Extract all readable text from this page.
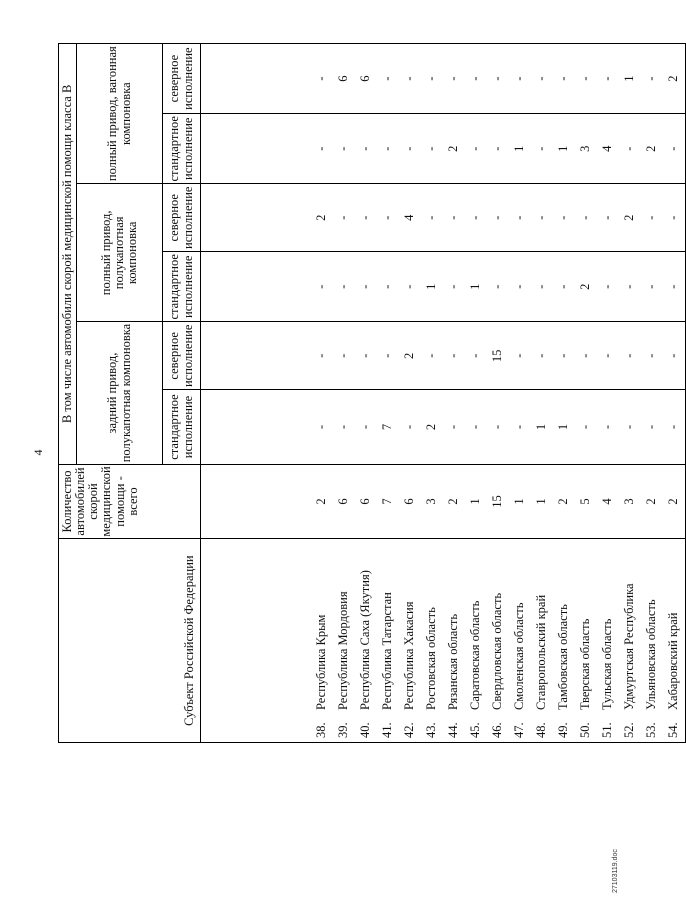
4
Субъект Российской Федерации	Количество автомобилей скорой медицинской помощи - всего	В том числе автомобили скорой медицинской помощи класса В					
		задний привод, полукапотная компоновка		полный привод, полукапотная компоновка		полный привод, вагонная компоновка	
		стандартное исполнение	северное исполнение	стандартное исполнение	северное исполнение	стандартное исполнение	северное исполнение
38.Республика Крым	2	-	-	-	2	-	-
39.Республика Мордовия	6	-	-	-	-	-	6
40.Республика Саха (Якутия)	6	-	-	-	-	-	6
41.Республика Татарстан	7	7	-	-	-	-	-
42.Республика Хакасия	6	-	2	-	4	-	-
43.Ростовская область	3	2	-	1	-	-	-
44.Рязанская область	2	-	-	-	-	2	-
45.Саратовская область	1	-	-	1	-	-	-
46.Свердловская область	15	-	15	-	-	-	-
47.Смоленская область	1	-	-	-	-	1	-
48.Ставропольский край	1	1	-	-	-	-	-
49.Тамбовская область	2	1	-	-	-	1	-
50.Тверская область	5	-	-	2	-	3	-
51.Тульская область	4	-	-	-	-	4	-
52.Удмуртская Республика	3	-	-	-	2	-	1
53.Ульяновская область	2	-	-	-	-	2	-
54.Хабаровский край	2	-	-	-	-	-	2
27103119.doc
